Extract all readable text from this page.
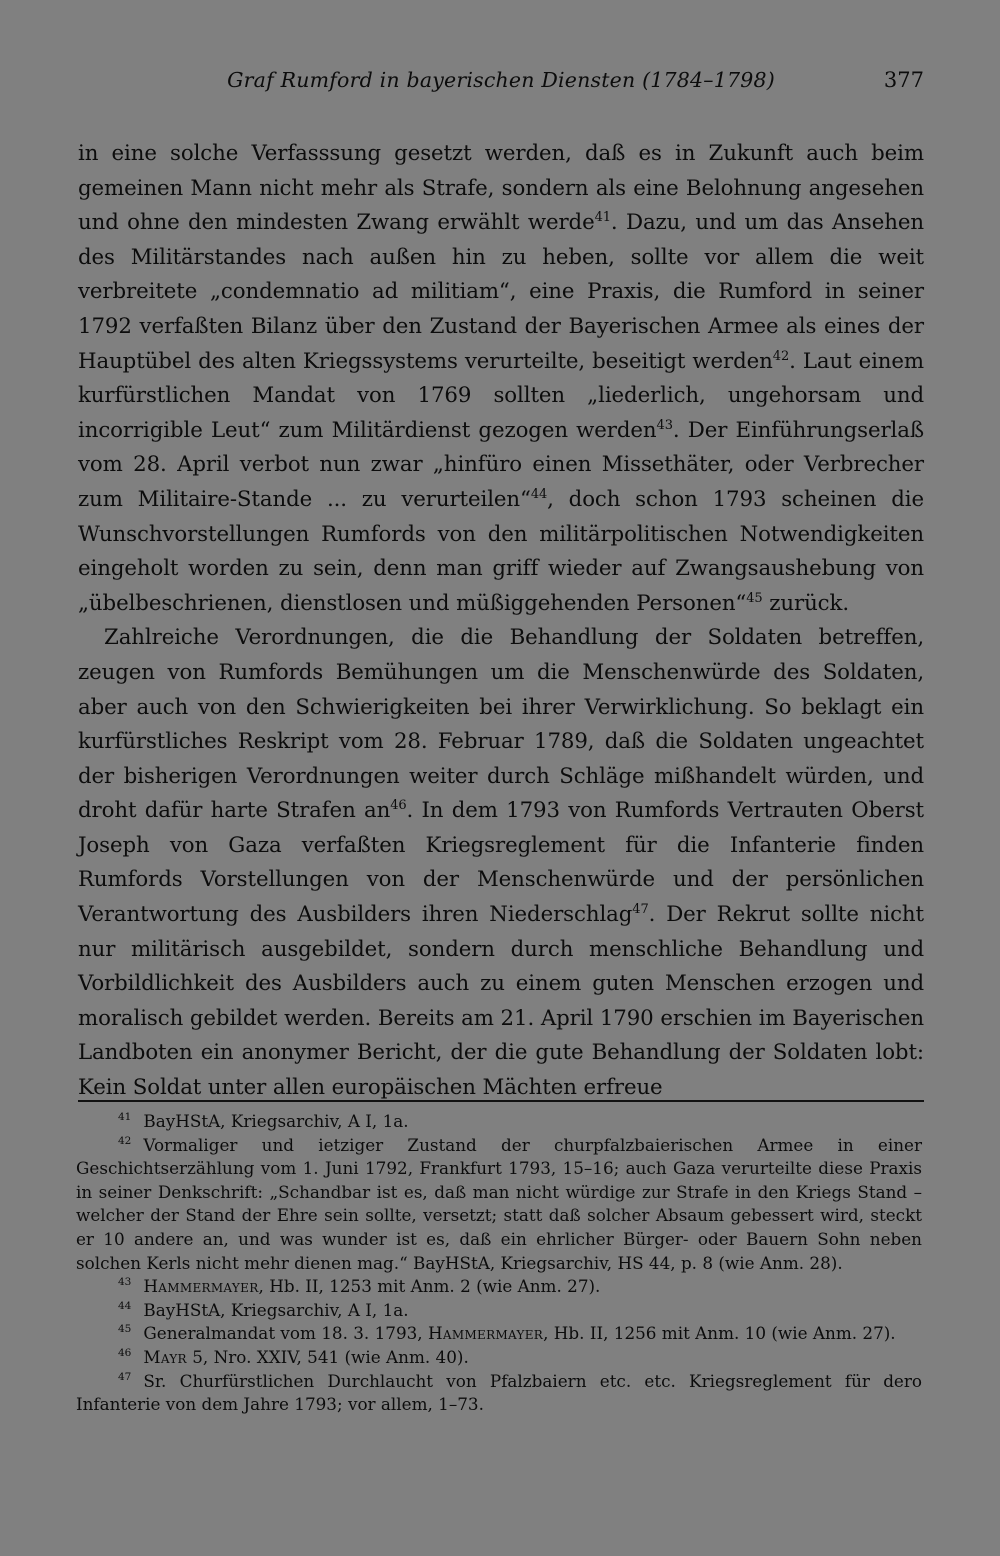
Graf Rumford in bayerischen Diensten (1784–1798)	377

in eine solche Verfasssung gesetzt werden, daß es in Zukunft auch beim gemeinen Mann nicht mehr als Strafe, sondern als eine Belohnung angesehen und ohne den mindesten Zwang erwählt werde$^{41}$. Dazu, und um das Ansehen des Militärstandes nach außen hin zu heben, sollte vor allem die weit verbreitete „condemnatio ad militiam“, eine Praxis, die Rumford in seiner 1792 verfaßten Bilanz über den Zustand der Bayerischen Armee als eines der Hauptübel des alten Kriegssystems verurteilte, beseitigt werden$^{42}$. Laut einem kurfürstlichen Mandat von 1769 sollten „liederlich, ungehorsam und incorrigible Leut“ zum Militärdienst gezogen werden$^{43}$. Der Einführungserlaß vom 28. April verbot nun zwar „hinfüro einen Missethäter, oder Verbrecher zum Militaire-Stande ... zu verurteilen“$^{44}$, doch schon 1793 scheinen die Wunschvorstellungen Rumfords von den militärpolitischen Notwendigkeiten eingeholt worden zu sein, denn man griff wieder auf Zwangsaushebung von „übelbeschrienen, dienstlosen und müßiggehenden Personen“$^{45}$ zurück.

Zahlreiche Verordnungen, die die Behandlung der Soldaten betreffen, zeugen von Rumfords Bemühungen um die Menschenwürde des Soldaten, aber auch von den Schwierigkeiten bei ihrer Verwirklichung. So beklagt ein kurfürstliches Reskript vom 28. Februar 1789, daß die Soldaten ungeachtet der bisherigen Verordnungen weiter durch Schläge mißhandelt würden, und droht dafür harte Strafen $an^{46}$. In dem 1793 von Rumfords Vertrauten Oberst Joseph von Gaza verfaßten Kriegsreglement für die Infanterie finden Rumfords Vorstellungen von der Menschenwürde und der persönlichen Verantwortung des Ausbilders ihren Niederschlag$^{47}$. Der Rekrut sollte nicht nur militärisch ausgebildet, sondern durch menschliche Behandlung und Vorbildlichkeit des Ausbilders auch zu einem guten Menschen erzogen und moralisch gebildet werden. Bereits am 21. April 1790 erschien im Bayerischen Landboten ein anonymer Bericht, der die gute Behandlung der Soldaten lobt: Kein Soldat unter allen europäischen Mächten erfreue

$^{41}$ BayHStA, Kriegsarchiv, A I, 1a.

$^{42}$ Vormaliger und ietziger Zustand der churpfalzbaierischen Armee in einer Geschichtserzählung vom 1. Juni 1792, Frankfurt 1793, 15–16; auch Gaza verurteilte diese Praxis in seiner Denkschrift: „Schandbar ist es, daß man nicht würdige zur Strafe in den Kriegs Stand – welcher der Stand der Ehre sein sollte, versetzt; statt daß solcher Absaum gebessert wird, steckt er 10 andere an, und was wunder ist es, daß ein ehrlicher Bürger- oder Bauern Sohn neben solchen Kerls nicht mehr dienen mag.“ BayHStA, Kriegsarchiv, HS 44, p. 8 (wie Anm. 28).

$^{43}$ Hammermayer, Hb. II, 1253 mit Anm. 2 (wie Anm. 27).

$^{44}$ BayHStA, Kriegsarchiv, A I, 1a.

$^{45}$ Generalmandat vom 18. 3. 1793, Hammermayer, Hb. II, 1256 mit Anm. 10 (wie Anm. 27).

$^{46}$ Mayr 5, Nro. XXIV, 541 (wie Anm. 40).

$^{47}$ Sr. Churfürstlichen Durchlaucht von Pfalzbaiern etc. etc. Kriegsreglement für dero Infanterie von dem Jahre 1793; vor allem, 1–73.
